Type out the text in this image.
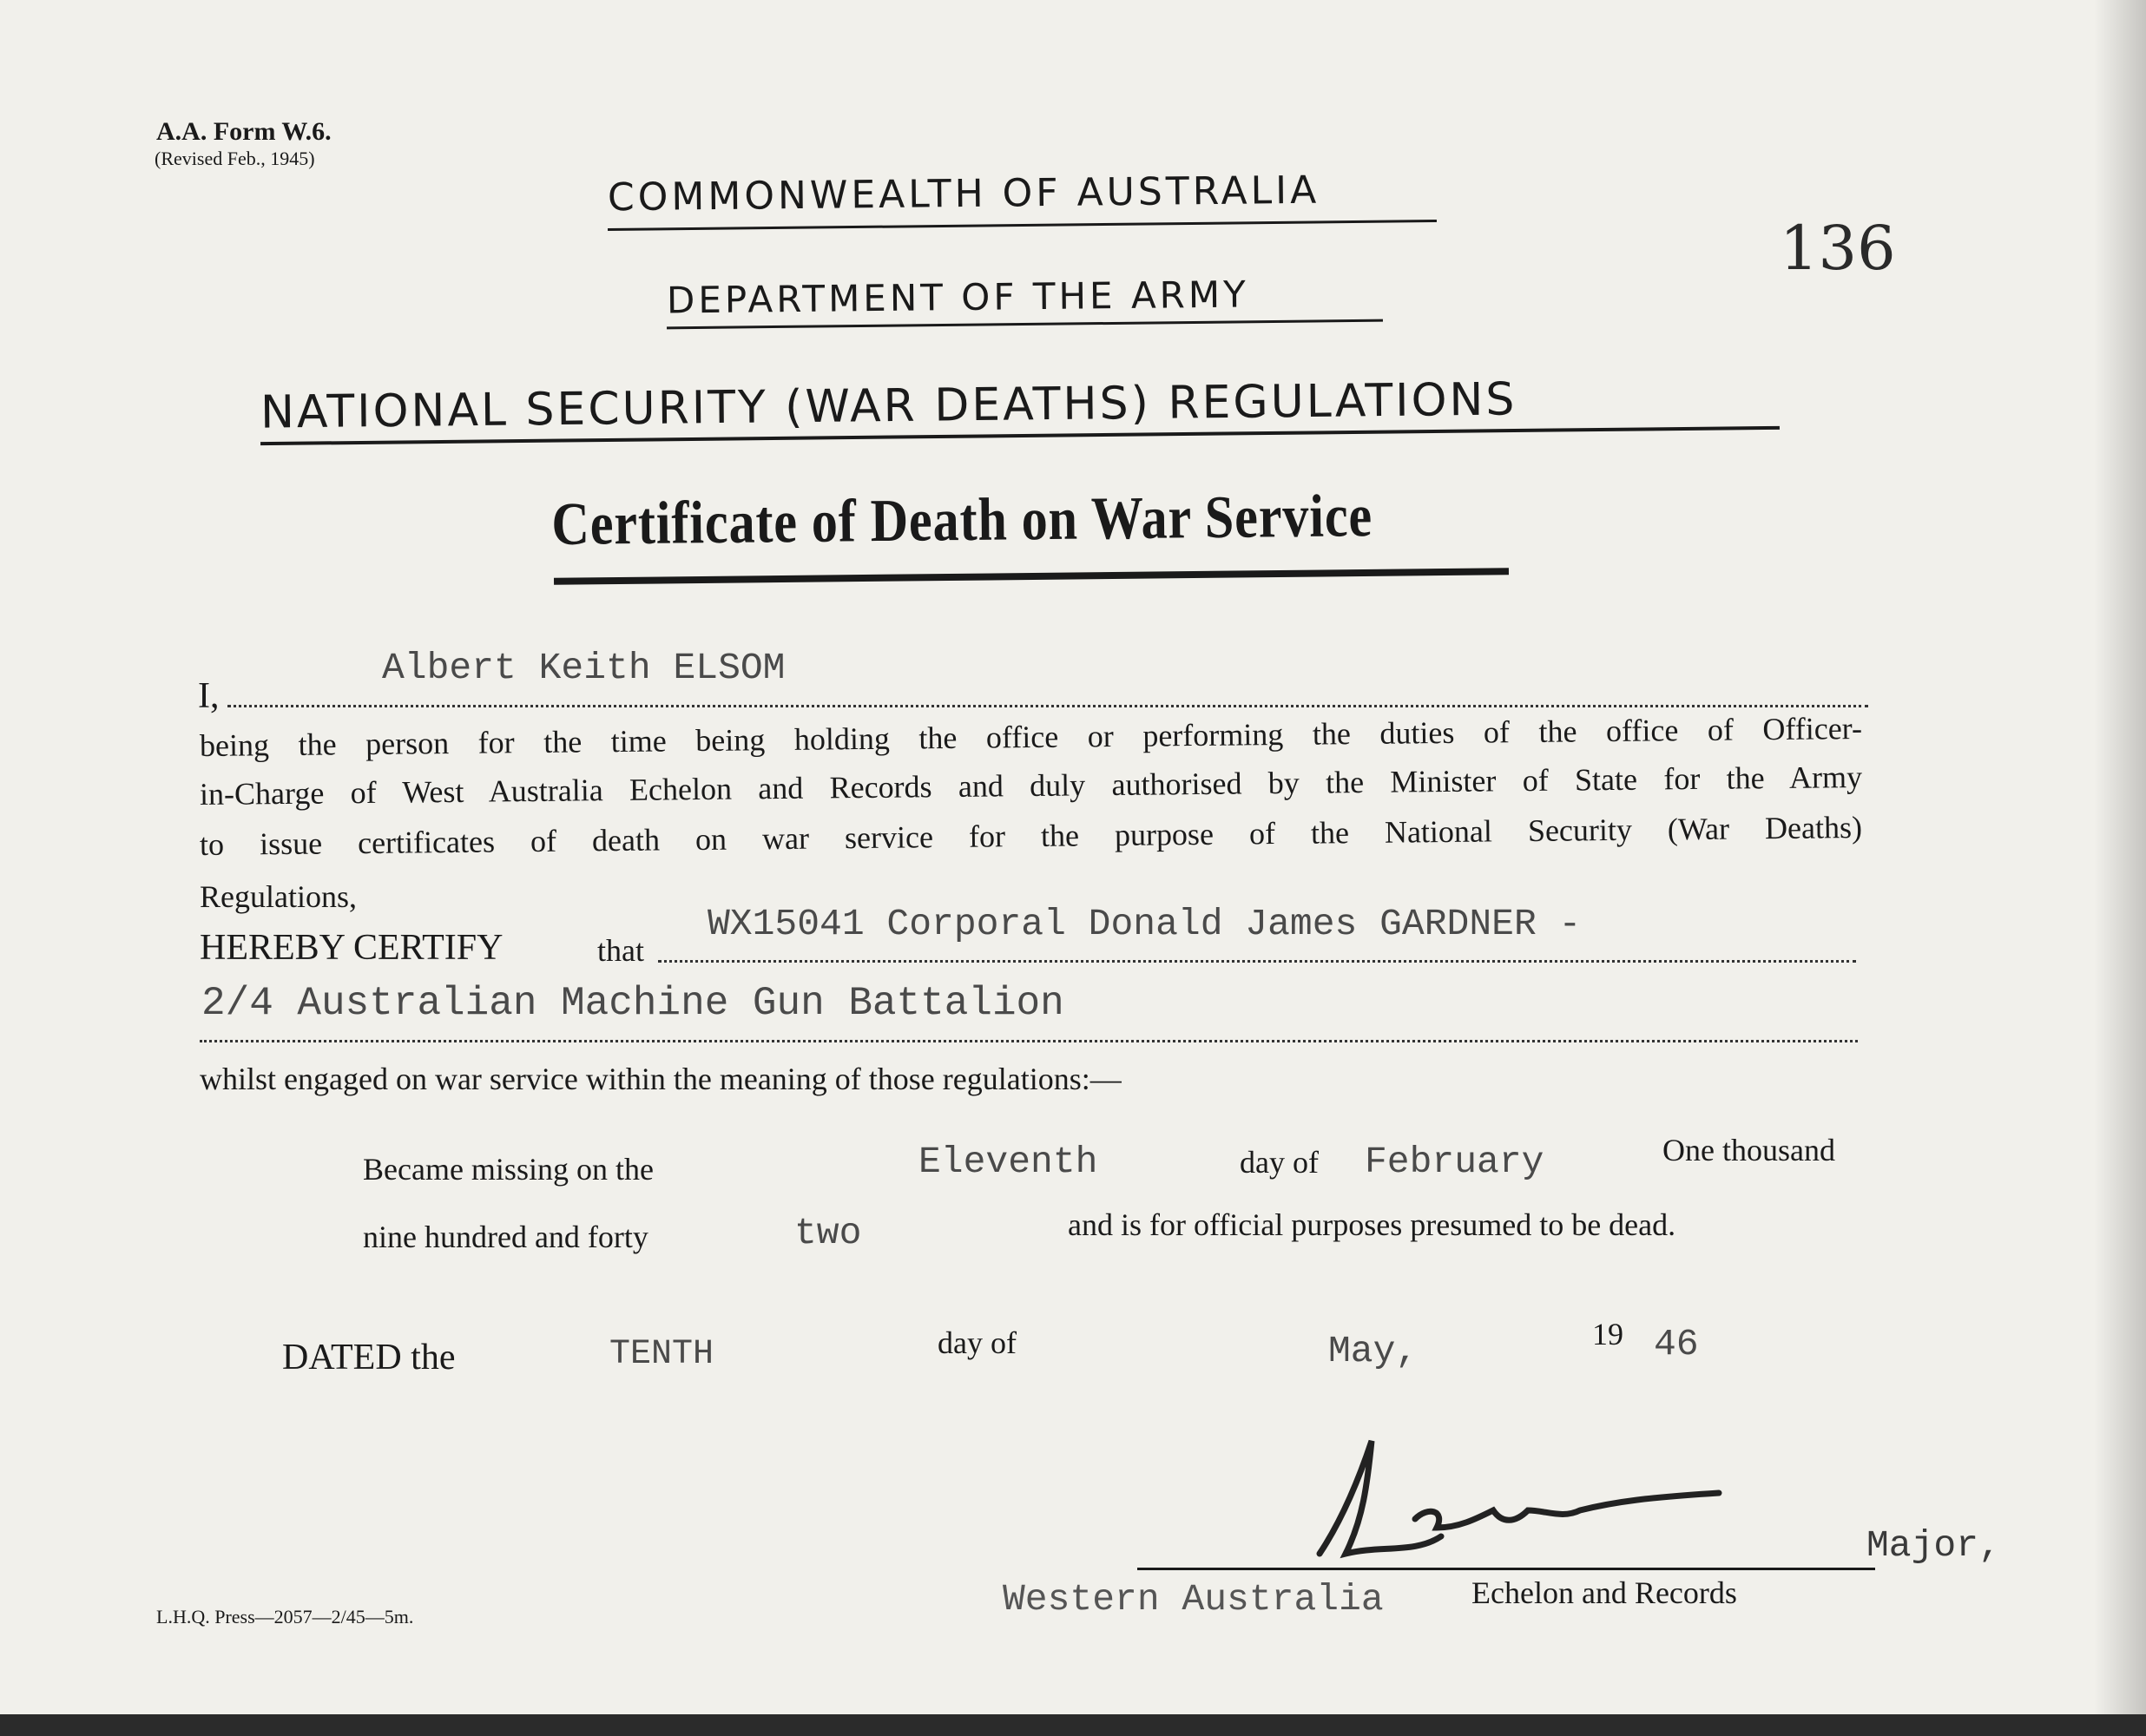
A.A. Form W.6.
(Revised Feb., 1945)
136
COMMONWEALTH OF AUSTRALIA
DEPARTMENT OF THE ARMY
NATIONAL SECURITY (WAR DEATHS) REGULATIONS
Certificate of Death on War Service
I,
Albert Keith ELSOM
being the person for the time being holding the office or performing the duties of the office of Officer-
in-Charge of West Australia Echelon and Records and duly authorised by the Minister of State for the Army
to issue certificates of death on war service for the purpose of the National Security (War Deaths)
Regulations,
HEREBY CERTIFY	that
WX15041 Corporal Donald James GARDNER -
2/4 Australian Machine Gun Battalion
whilst engaged on war service within the meaning of those regulations:—
Became missing on the	Eleventh	day of February	One thousand
nine hundred and forty	two	and is for official purposes presumed to be dead.
DATED the	TENTH	day of	May,	19 46
Major,
Western Australia	Echelon and Records
L.H.Q. Press—2057—2/45—5m.
